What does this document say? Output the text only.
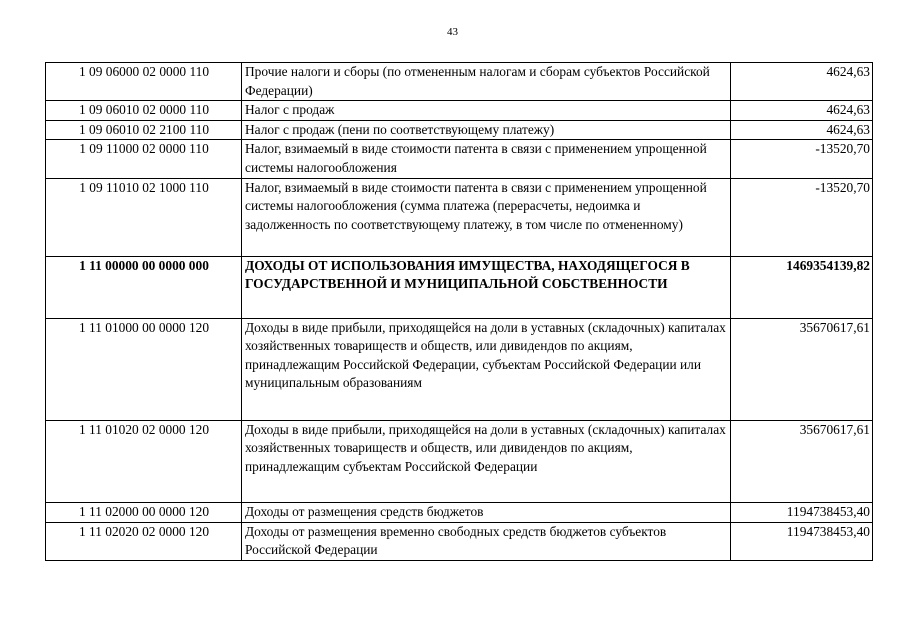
43
1 09 06000 02 0000 110	Прочие налоги и сборы (по отмененным налогам и сборам субъектов Российской Федерации)	4624,63
1 09 06010 02 0000 110	Налог с продаж	4624,63
1 09 06010 02 2100 110	Налог с продаж (пени по соответствующему платежу)	4624,63
1 09 11000 02 0000 110	Налог, взимаемый в виде стоимости патента в связи с применением упрощенной системы налогообложения	-13520,70
1 09 11010 02 1000 110	Налог, взимаемый в виде стоимости патента в связи с применением упрощенной системы налогообложения (сумма платежа (перерасчеты, недоимка и задолженность по соответствующему платежу, в том числе по отмененному)	-13520,70
1 11 00000 00 0000 000	ДОХОДЫ ОТ ИСПОЛЬЗОВАНИЯ ИМУЩЕСТВА, НАХОДЯЩЕГОСЯ В ГОСУДАРСТВЕННОЙ И МУНИЦИПАЛЬНОЙ СОБСТВЕННОСТИ	1469354139,82
1 11 01000 00 0000 120	Доходы в виде прибыли, приходящейся на доли в уставных (складочных) капиталах хозяйственных товариществ и обществ, или дивидендов по акциям, принадлежащим Российской Федерации, субъектам Российской Федерации или муниципальным образованиям	35670617,61
1 11 01020 02 0000 120	Доходы в виде прибыли, приходящейся на доли в уставных (складочных) капиталах хозяйственных товариществ и обществ, или дивидендов по акциям, принадлежащим субъектам Российской Федерации	35670617,61
1 11 02000 00 0000 120	Доходы от размещения средств бюджетов	1194738453,40
1 11 02020 02 0000 120	Доходы от размещения временно свободных средств бюджетов субъектов Российской Федерации	1194738453,40
